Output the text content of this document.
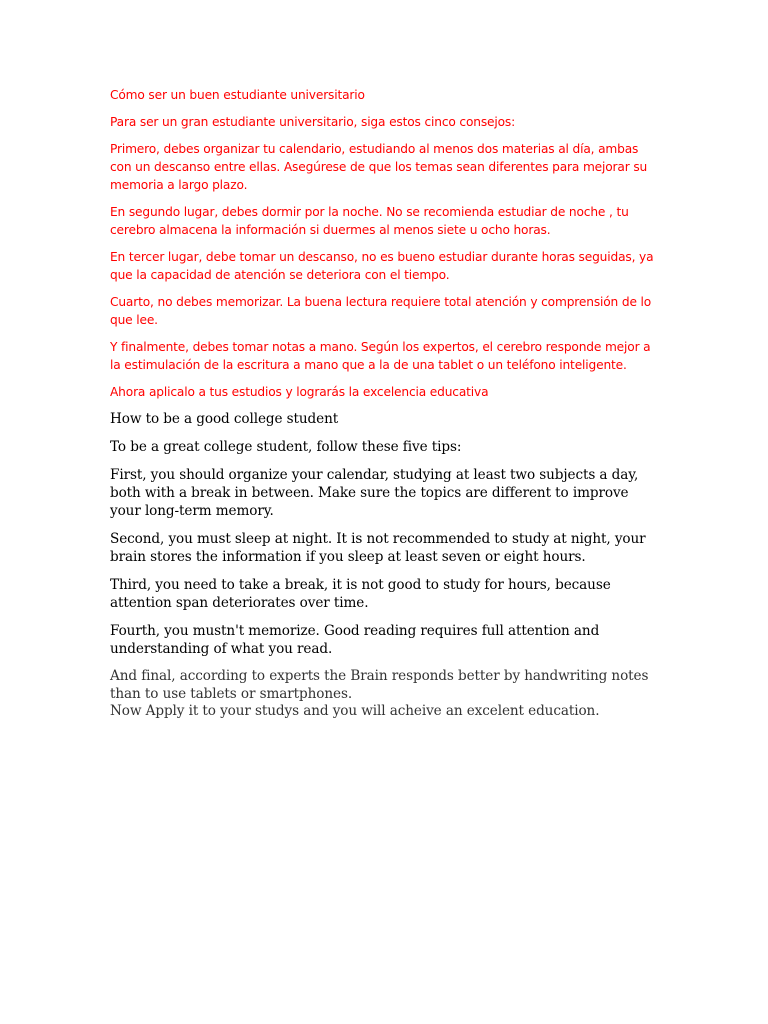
Cómo ser un buen estudiante universitario

Para ser un gran estudiante universitario, siga estos cinco consejos:

Primero, debes organizar tu calendario, estudiando al menos dos materias al día, ambas con un descanso entre ellas. Asegúrese de que los temas sean diferentes para mejorar su memoria a largo plazo.

En segundo lugar, debes dormir por la noche. No se recomienda estudiar de noche , tu cerebro almacena la información si duermes al menos siete u ocho horas.

En tercer lugar, debe tomar un descanso, no es bueno estudiar durante horas seguidas, ya que la capacidad de atención se deteriora con el tiempo.

Cuarto, no debes memorizar. La buena lectura requiere total atención y comprensión de lo que lee.

Y finalmente, debes tomar notas a mano. Según los expertos, el cerebro responde mejor a la estimulación de la escritura a mano que a la de una tablet o un teléfono inteligente.

Ahora aplicalo a tus estudios y lograrás la excelencia educativa

How to be a good college student

To be a great college student, follow these five tips:

First, you should organize your calendar, studying at least two subjects a day, both with a break in between. Make sure the topics are different to improve your long-term memory.

Second, you must sleep at night. It is not recommended to study at night, your brain stores the information if you sleep at least seven or eight hours.

Third, you need to take a break, it is not good to study for hours, because attention span deteriorates over time.

Fourth, you mustn't memorize. Good reading requires full attention and understanding of what you read.

And final, according to experts the Brain responds better by handwriting notes than to use tablets or smartphones.

Now Apply it to your studys and you will acheive an excelent education.
